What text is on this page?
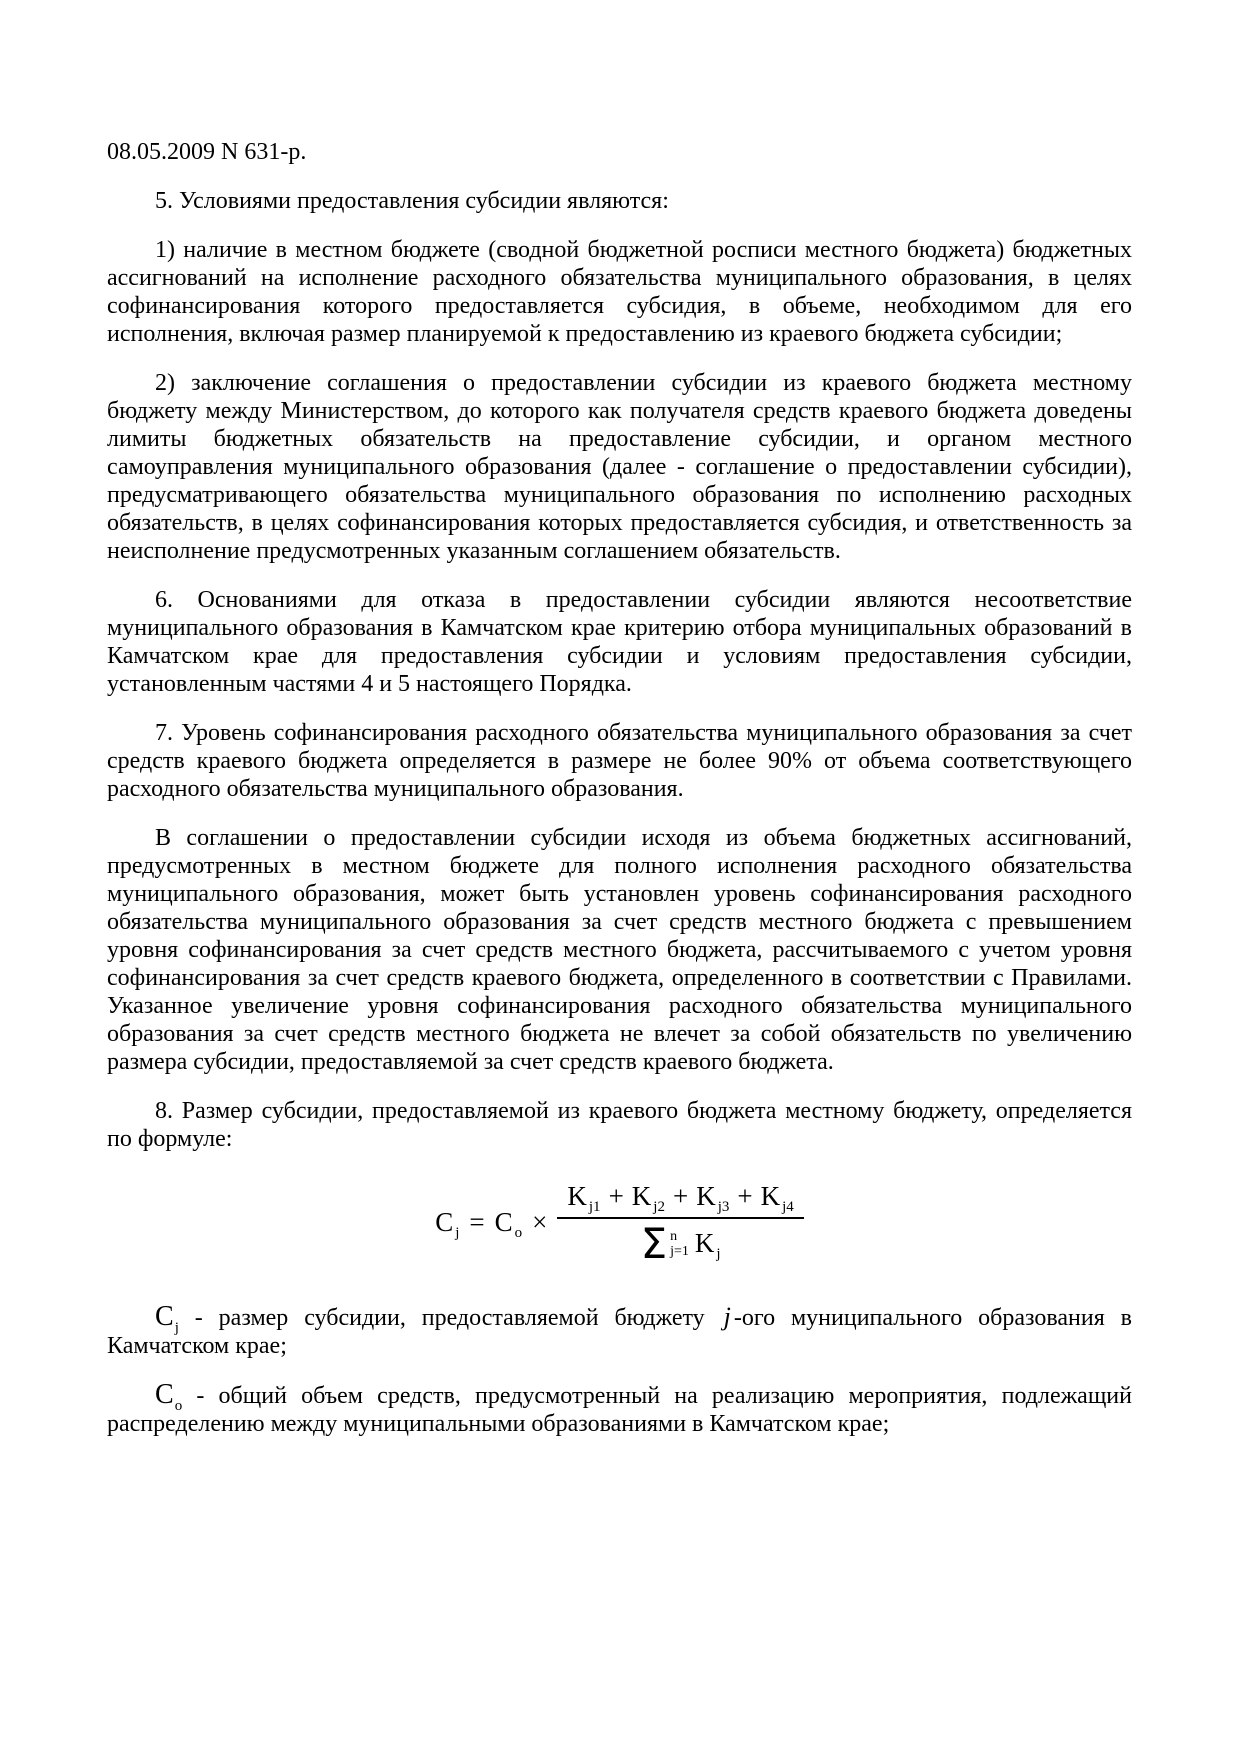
08.05.2009 N 631-р.

5. Условиями предоставления субсидии являются:

1) наличие в местном бюджете (сводной бюджетной росписи местного бюджета) бюджетных ассигнований на исполнение расходного обязательства муниципального образования, в целях софинансирования которого предоставляется субсидия, в объеме, необходимом для его исполнения, включая размер планируемой к предоставлению из краевого бюджета субсидии;

2) заключение соглашения о предоставлении субсидии из краевого бюджета местному бюджету между Министерством, до которого как получателя средств краевого бюджета доведены лимиты бюджетных обязательств на предоставление субсидии, и органом местного самоуправления муниципального образования (далее - соглашение о предоставлении субсидии), предусматривающего обязательства муниципального образования по исполнению расходных обязательств, в целях софинансирования которых предоставляется субсидия, и ответственность за неисполнение предусмотренных указанным соглашением обязательств.

6. Основаниями для отказа в предоставлении субсидии являются несоответствие муниципального образования в Камчатском крае критерию отбора муниципальных образований в Камчатском крае для предоставления субсидии и условиям предоставления субсидии, установленным частями 4 и 5 настоящего Порядка.

7. Уровень софинансирования расходного обязательства муниципального образования за счет средств краевого бюджета определяется в размере не более 90% от объема соответствующего расходного обязательства муниципального образования.

В соглашении о предоставлении субсидии исходя из объема бюджетных ассигнований, предусмотренных в местном бюджете для полного исполнения расходного обязательства муниципального образования, может быть установлен уровень софинансирования расходного обязательства муниципального образования за счет средств местного бюджета с превышением уровня софинансирования за счет средств местного бюджета, рассчитываемого с учетом уровня софинансирования за счет средств краевого бюджета, определенного в соответствии с Правилами. Указанное увеличение уровня софинансирования расходного обязательства муниципального образования за счет средств местного бюджета не влечет за собой обязательств по увеличению размера субсидии, предоставляемой за счет средств краевого бюджета.

8. Размер субсидии, предоставляемой из краевого бюджета местному бюджету, определяется по формуле:

C $_j$ = C $_o$ ×
K $_{j1}$ + K $_{j2}$ + K $_{j3}$ + K $_{j4}$
Σ n
j=1 K $_j$

$C_j$ - размер субсидии, предоставляемой бюджету j -ого муниципального образования в Камчатском крае;

$C_o$ - общий объем средств, предусмотренный на реализацию мероприятия, подлежащий распределению между муниципальными образованиями в Камчатском крае;
